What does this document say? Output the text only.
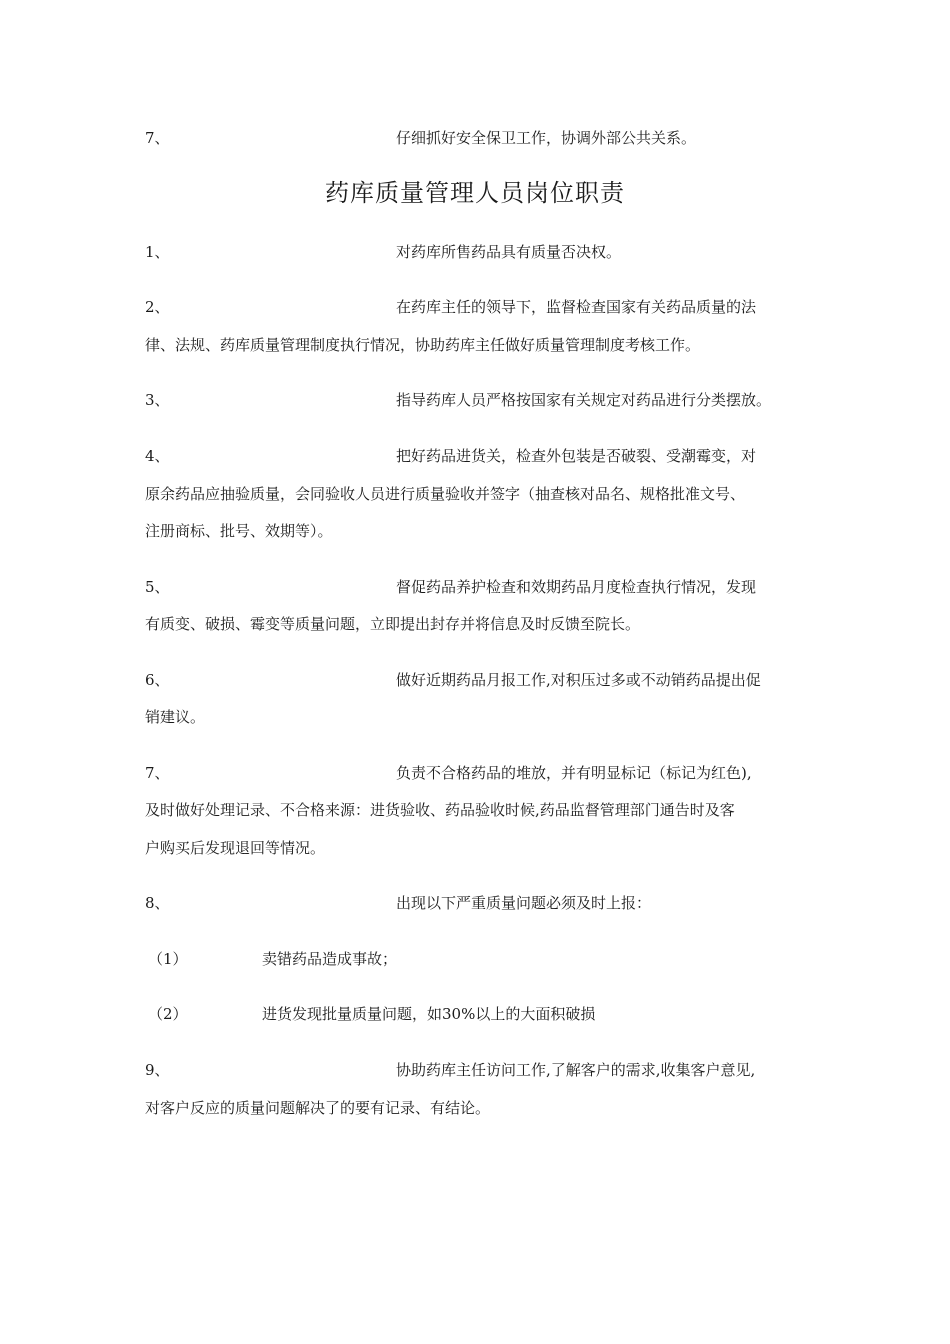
7、	仔细抓好安全保卫工作，协调外部公共关系。
药库质量管理人员岗位职责
1、	对药库所售药品具有质量否决权。
2、	在药库主任的领导下，监督检查国家有关药品质量的法
律、法规、药库质量管理制度执行情况，协助药库主任做好质量管理制度考核工作。
3、	指导药库人员严格按国家有关规定对药品进行分类摆放。
4、	把好药品进货关，检查外包装是否破裂、受潮霉变，对
原余药品应抽验质量，会同验收人员进行质量验收并签字（抽查核对品名、规格批准文号、
注册商标、批号、效期等）。
5、	督促药品养护检查和效期药品月度检查执行情况，发现
有质变、破损、霉变等质量问题，立即提出封存并将信息及时反馈至院长。
6、	做好近期药品月报工作,对积压过多或不动销药品提出促
销建议。
7、	负责不合格药品的堆放，并有明显标记（标记为红色),
及时做好处理记录、不合格来源：进货验收、药品验收时候,药品监督管理部门通告时及客
户购买后发现退回等情况。
8、	出现以下严重质量问题必须及时上报：
（1）	卖错药品造成事故；
（2）	进货发现批量质量问题，如30%以上的大面积破损
9、	协助药库主任访问工作,了解客户的需求,收集客户意见,
对客户反应的质量问题解决了的要有记录、有结论。
